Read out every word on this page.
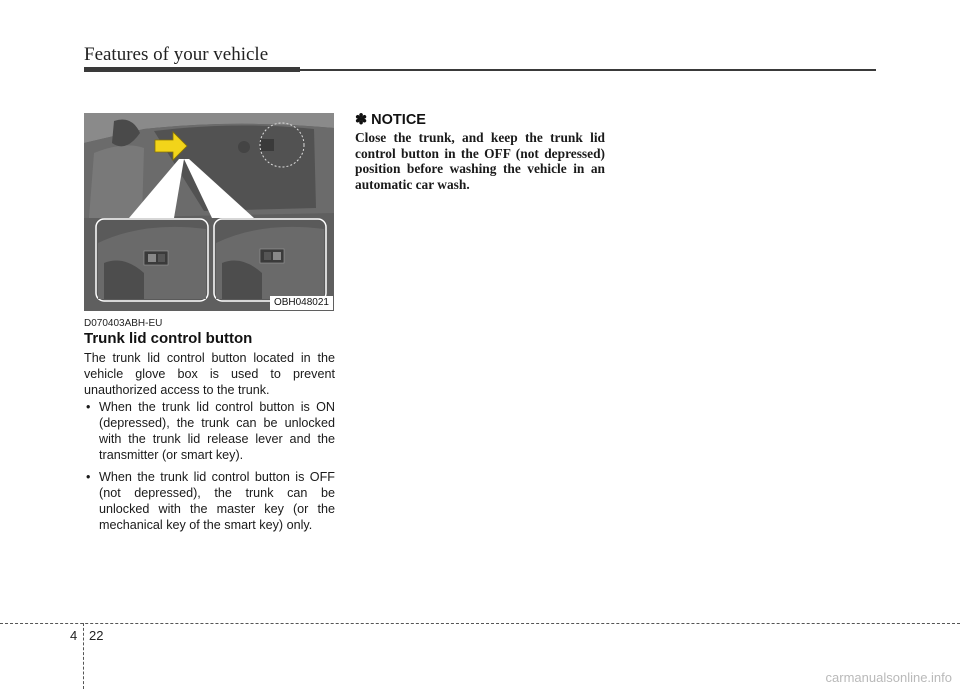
Features of your vehicle
OBH048021
D070403ABH-EU
Trunk lid control button
The trunk lid control button located in the vehicle glove box is used to prevent unauthorized access to the trunk.
• When the trunk lid control button is ON (depressed), the trunk can be unlocked with the trunk lid release lever and the transmitter (or smart key).
• When the trunk lid control button is OFF (not depressed), the trunk can be unlocked with the master key (or the mechanical key of the smart key) only.
✽ NOTICE
Close the trunk, and keep the trunk lid control button in the OFF (not depressed) position before washing the vehicle in an automatic car wash.
4 22
carmanualsonline.info
